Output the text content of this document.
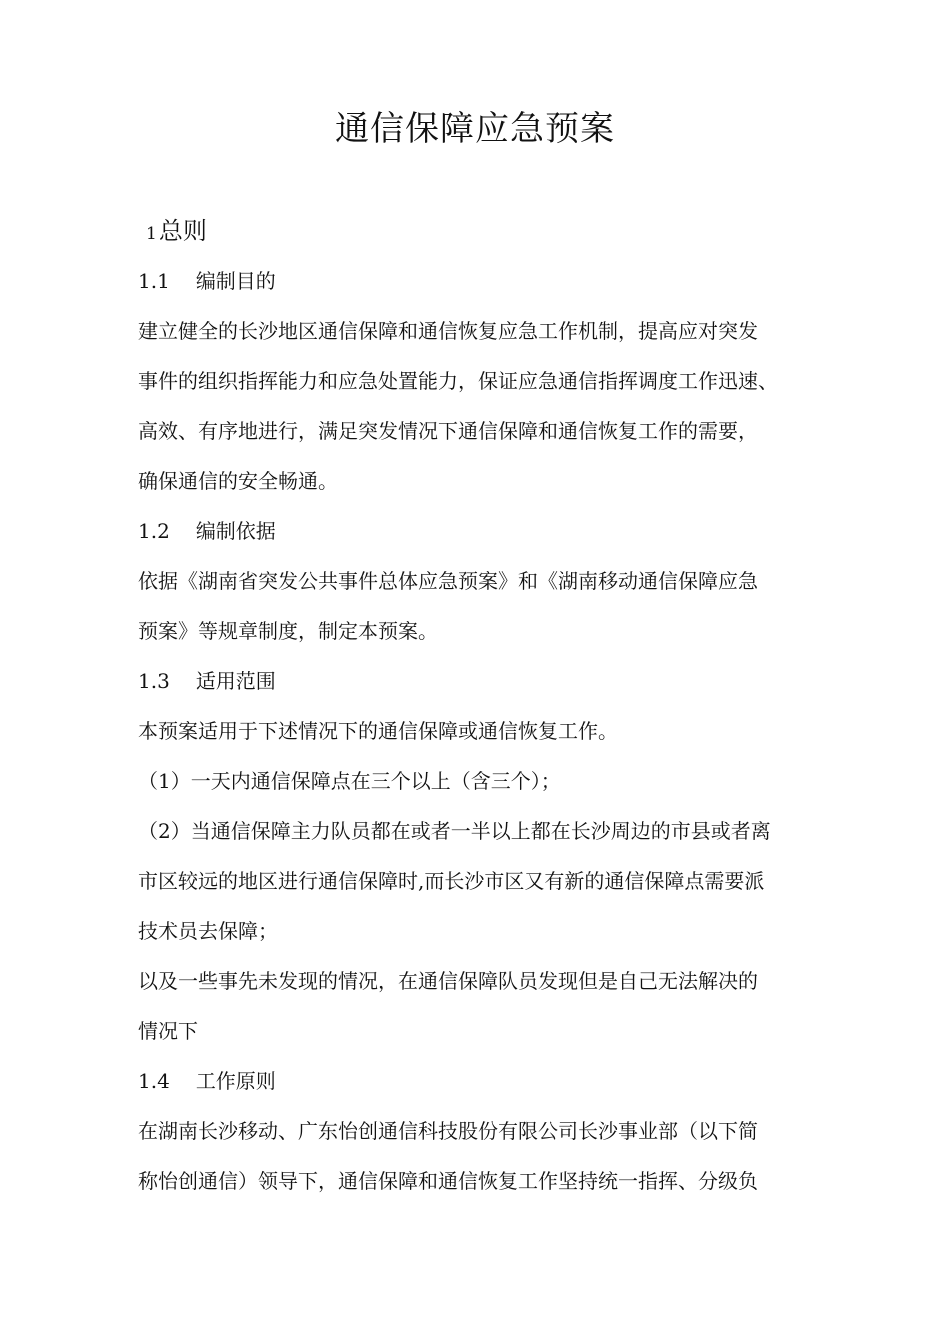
通信保障应急预案

1总则

1.1 编制目的

建立健全的长沙地区通信保障和通信恢复应急工作机制，提高应对突发

事件的组织指挥能力和应急处置能力，保证应急通信指挥调度工作迅速、

高效、有序地进行，满足突发情况下通信保障和通信恢复工作的需要，

确保通信的安全畅通。

1.2 编制依据

依据《湖南省突发公共事件总体应急预案》和《湖南移动通信保障应急

预案》等规章制度，制定本预案。

1.3 适用范围

本预案适用于下述情况下的通信保障或通信恢复工作。

（1）一天内通信保障点在三个以上（含三个）；

（2）当通信保障主力队员都在或者一半以上都在长沙周边的市县或者离

市区较远的地区进行通信保障时,而长沙市区又有新的通信保障点需要派

技术员去保障；

以及一些事先未发现的情况，在通信保障队员发现但是自己无法解决的

情况下

1.4 工作原则

在湖南长沙移动、广东怡创通信科技股份有限公司长沙事业部（以下简

称怡创通信）领导下，通信保障和通信恢复工作坚持统一指挥、分级负
